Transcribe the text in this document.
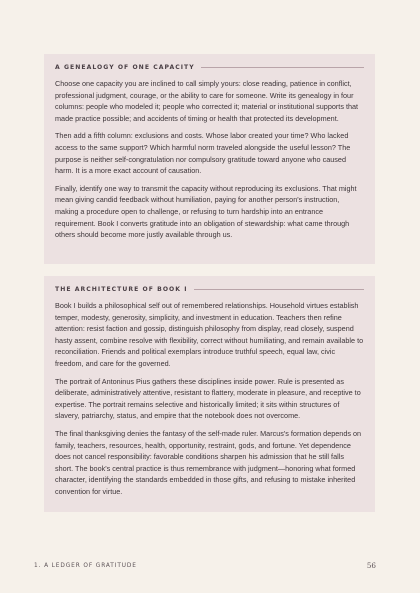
A GENEALOGY OF ONE CAPACITY

Choose one capacity you are inclined to call simply yours: close reading, patience in conflict, professional judgment, courage, or the ability to care for someone. Write its genealogy in four columns: people who modeled it; people who corrected it; material or institutional supports that made practice possible; and accidents of timing or health that protected its development.

Then add a fifth column: exclusions and costs. Whose labor created your time? Who lacked access to the same support? Which harmful norm traveled alongside the useful lesson? The purpose is neither self-congratulation nor compulsory gratitude toward anyone who caused harm. It is a more exact account of causation.

Finally, identify one way to transmit the capacity without reproducing its exclusions. That might mean giving candid feedback without humiliation, paying for another person's instruction, making a procedure open to challenge, or refusing to turn hardship into an entrance requirement. Book I converts gratitude into an obligation of stewardship: what came through others should become more justly available through us.

THE ARCHITECTURE OF BOOK I

Book I builds a philosophical self out of remembered relationships. Household virtues establish temper, modesty, generosity, simplicity, and investment in education. Teachers then refine attention: resist faction and gossip, distinguish philosophy from display, read closely, suspend hasty assent, combine resolve with flexibility, correct without humiliating, and remain available to reconciliation. Friends and political exemplars introduce truthful speech, equal law, civic freedom, and care for the governed.

The portrait of Antoninus Pius gathers these disciplines inside power. Rule is presented as deliberate, administratively attentive, resistant to flattery, moderate in pleasure, and receptive to expertise. The portrait remains selective and historically limited; it sits within structures of slavery, patriarchy, status, and empire that the notebook does not overcome.

The final thanksgiving denies the fantasy of the self-made ruler. Marcus's formation depends on family, teachers, resources, health, opportunity, restraint, gods, and fortune. Yet dependence does not cancel responsibility: favorable conditions sharpen his admission that he still falls short. The book's central practice is thus remembrance with judgment—honoring what formed character, identifying the standards embedded in those gifts, and refusing to mistake inherited convention for virtue.

1. A LEDGER OF GRATITUDE	56
